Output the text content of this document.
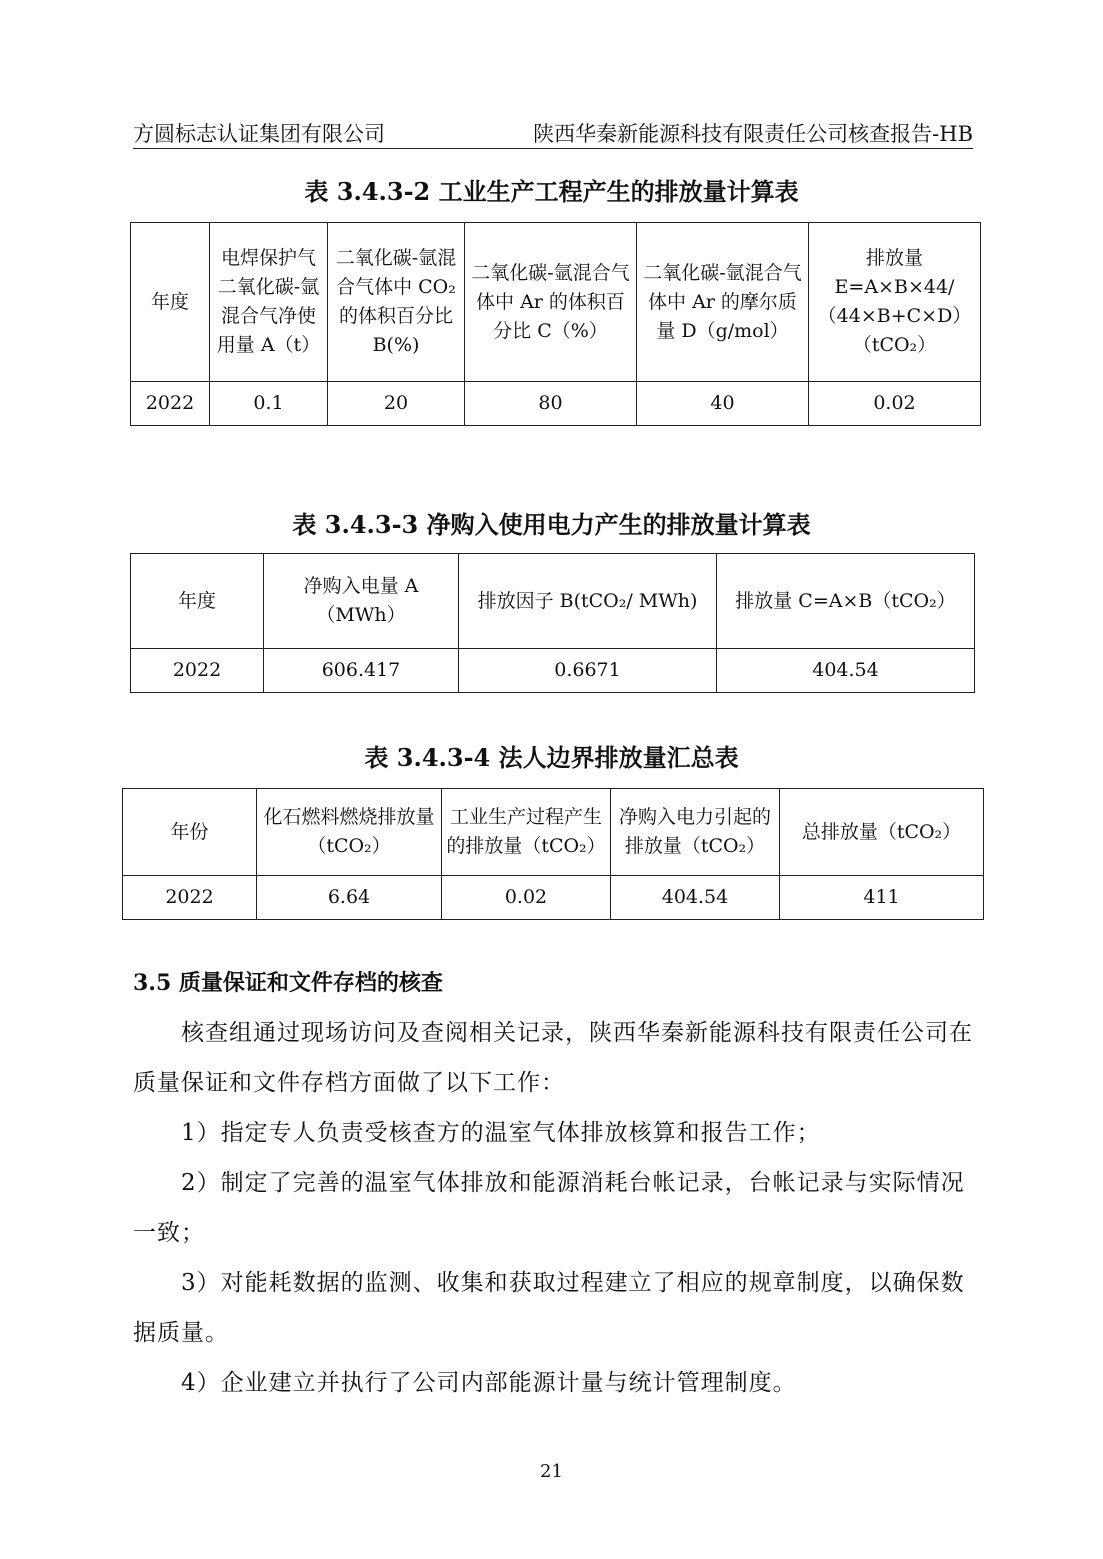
方圆标志认证集团有限公司	陕西华秦新能源科技有限责任公司核查报告-HB
表 3.4.3-2 工业生产工程产生的排放量计算表
年度	电焊保护气二氧化碳-氩混合气净使用量 A（t）	二氧化碳-氩混合气体中 CO₂的体积百分比 B(%)	二氧化碳-氩混合气体中 Ar 的体积百分比 C（%）	二氧化碳-氩混合气体中 Ar 的摩尔质量 D（g/mol）	排放量 E=A×B×44/（44×B+C×D）（tCO₂）
2022	0.1	20	80	40	0.02
表 3.4.3-3 净购入使用电力产生的排放量计算表
年度	净购入电量 A（MWh）	排放因子 B(tCO₂/ MWh)	排放量 C=A×B（tCO₂）
2022	606.417	0.6671	404.54
表 3.4.3-4 法人边界排放量汇总表
年份	化石燃料燃烧排放量（tCO₂）	工业生产过程产生的排放量（tCO₂）	净购入电力引起的排放量（tCO₂）	总排放量（tCO₂）
2022	6.64	0.02	404.54	411
3.5 质量保证和文件存档的核查

核查组通过现场访问及查阅相关记录，陕西华秦新能源科技有限责任公司在质量保证和文件存档方面做了以下工作：

1）指定专人负责受核查方的温室气体排放核算和报告工作；

2）制定了完善的温室气体排放和能源消耗台帐记录，台帐记录与实际情况一致；

3）对能耗数据的监测、收集和获取过程建立了相应的规章制度，以确保数据质量。

4）企业建立并执行了公司内部能源计量与统计管理制度。

21
